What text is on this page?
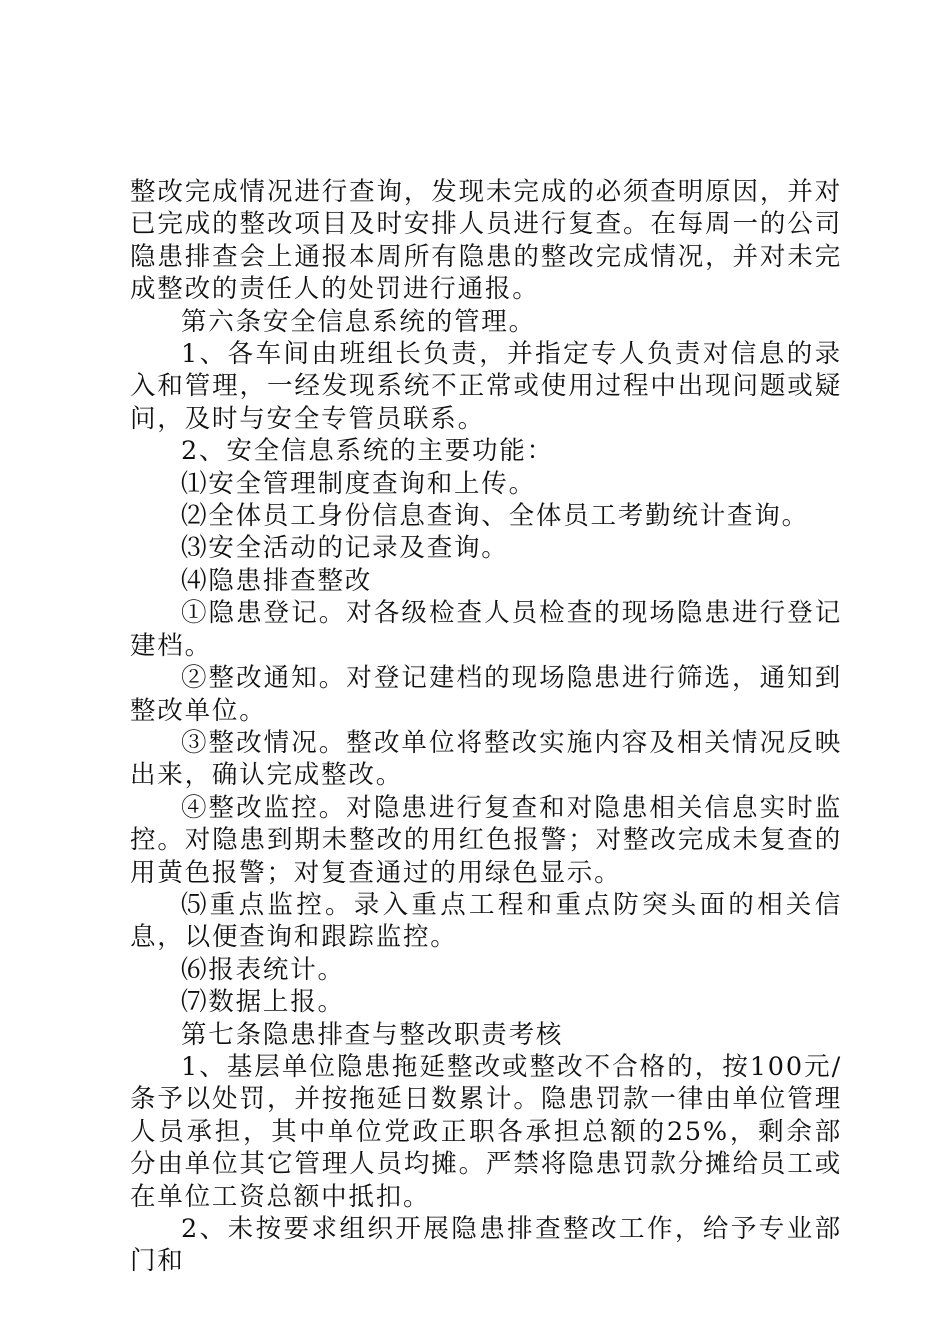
整改完成情况进行查询，发现未完成的必须查明原因，并对已完成的整改项目及时安排人员进行复查。在每周一的公司隐患排查会上通报本周所有隐患的整改完成情况，并对未完成整改的责任人的处罚进行通报。

第六条安全信息系统的管理。

1、各车间由班组长负责，并指定专人负责对信息的录入和管理，一经发现系统不正常或使用过程中出现问题或疑问，及时与安全专管员联系。

2、安全信息系统的主要功能：

⑴安全管理制度查询和上传。

⑵全体员工身份信息查询、全体员工考勤统计查询。

⑶安全活动的记录及查询。

⑷隐患排查整改

①隐患登记。对各级检查人员检查的现场隐患进行登记建档。

②整改通知。对登记建档的现场隐患进行筛选，通知到整改单位。

③整改情况。整改单位将整改实施内容及相关情况反映出来，确认完成整改。

④整改监控。对隐患进行复查和对隐患相关信息实时监控。对隐患到期未整改的用红色报警；对整改完成未复查的用黄色报警；对复查通过的用绿色显示。

⑸重点监控。录入重点工程和重点防突头面的相关信息，以便查询和跟踪监控。

⑹报表统计。

⑺数据上报。

第七条隐患排查与整改职责考核

1、基层单位隐患拖延整改或整改不合格的，按100元/条予以处罚，并按拖延日数累计。隐患罚款一律由单位管理人员承担，其中单位党政正职各承担总额的25%，剩余部分由单位其它管理人员均摊。严禁将隐患罚款分摊给员工或在单位工资总额中抵扣。

2、未按要求组织开展隐患排查整改工作，给予专业部门和
